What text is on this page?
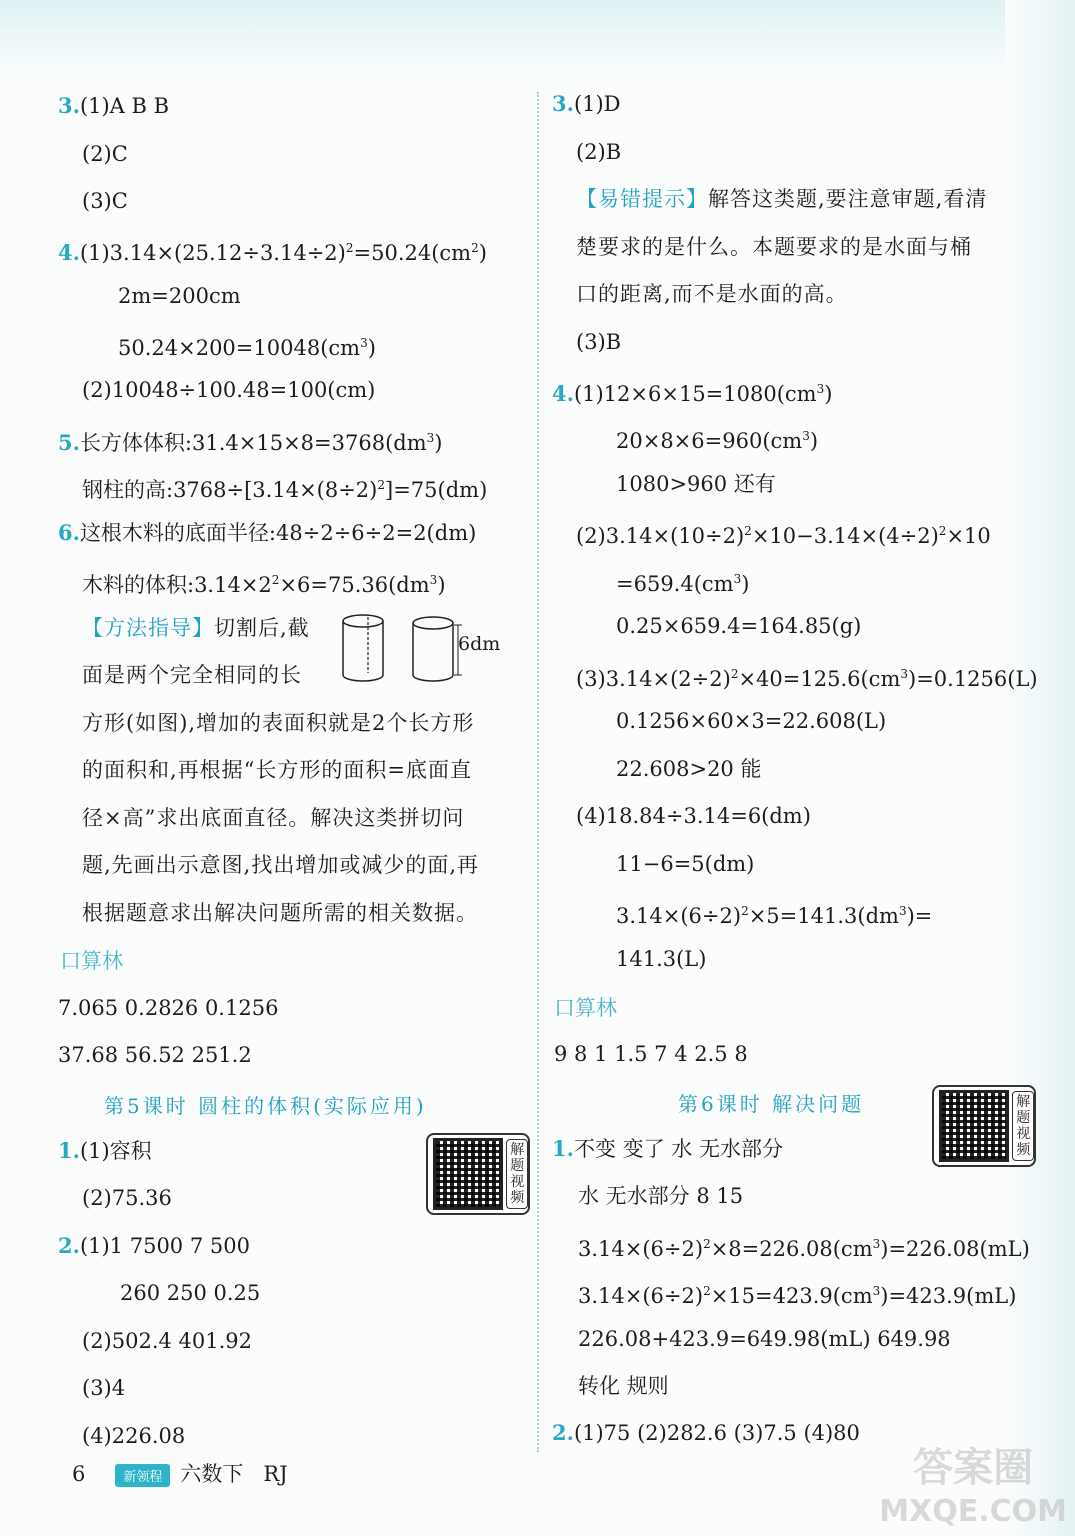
3.(1)A B B
(2)C
(3)C
$4.(1)3.14\times(25.12\div 3.14\div 2)^2=50.24(cm^2)$
2m=200cm
$50.24\times 200=10048(cm^3)$
(2)10048÷100.48=100(cm)
5.长方体体积$:31.4\times 15\times 8=3768(dm^3)$
钢柱的高$:3768\div[3.14\times(8\div 2)^2]=75(dm)$
6.这根木料的底面半径:48÷2÷6÷2=2(dm)
木料的体积$:3.14\times 2^2\times 6=75.36(dm^3)$
【方法指导】切割后,截
面是两个完全相同的长
6dm
方形(如图),增加的表面积就是2个长方形
的面积和,再根据“长方形的面积=底面直
径×高”求出底面直径。解决这类拼切问
题,先画出示意图,找出增加或减少的面,再
根据题意求出解决问题所需的相关数据。
口算林
7.065 0.2826 0.1256
37.68 56.52 251.2
第5课时 圆柱的体积(实际应用)
解题视频
1.(1)容积
(2)75.36
2.(1)1 7500 7 500
260 250 0.25
(2)502.4 401.92
(3)4
(4)226.08
3.(1)D
(2)B
【易错提示】解答这类题,要注意审题,看清
楚要求的是什么。本题要求的是水面与桶
口的距离,而不是水面的高。
(3)B
$4.(1)12\times 6\times 15=1080(cm^3)$
$20\times 8\times 6=960(cm^3)$
1080>960 还有
$(2)3.14\times(10\div 2)^2\times 10-3.14\times(4\div 2)^2\times 10$
$=659.4(cm^3)$
0.25×659.4=164.85(g)
$(3)3.14\times(2\div 2)^2\times 40=125.6(cm^3)=0.1256(L)$
0.1256×60×3=22.608(L)
22.608>20 能
(4)18.84÷3.14=6(dm)
11−6=5(dm)
$3.14\times(6\div 2)^2\times 5=141.3(dm^3)=$
141.3(L)
口算林
9 8 1 1.5 7 4 2.5 8
第6课时 解决问题	解题视频
1.不变 变了 水 无水部分
水 无水部分 8 15
$3.14\times(6\div 2)^2\times 8=226.08(cm^3)=226.08(mL)$
$3.14\times(6\div 2)^2\times 15=423.9(cm^3)=423.9(mL)$
226.08+423.9=649.98(mL) 649.98
转化 规则
2.(1)75 (2)282.6 (3)7.5 (4)80
6	新领程 六数下 RJ	答案圈
MXQE.COM
